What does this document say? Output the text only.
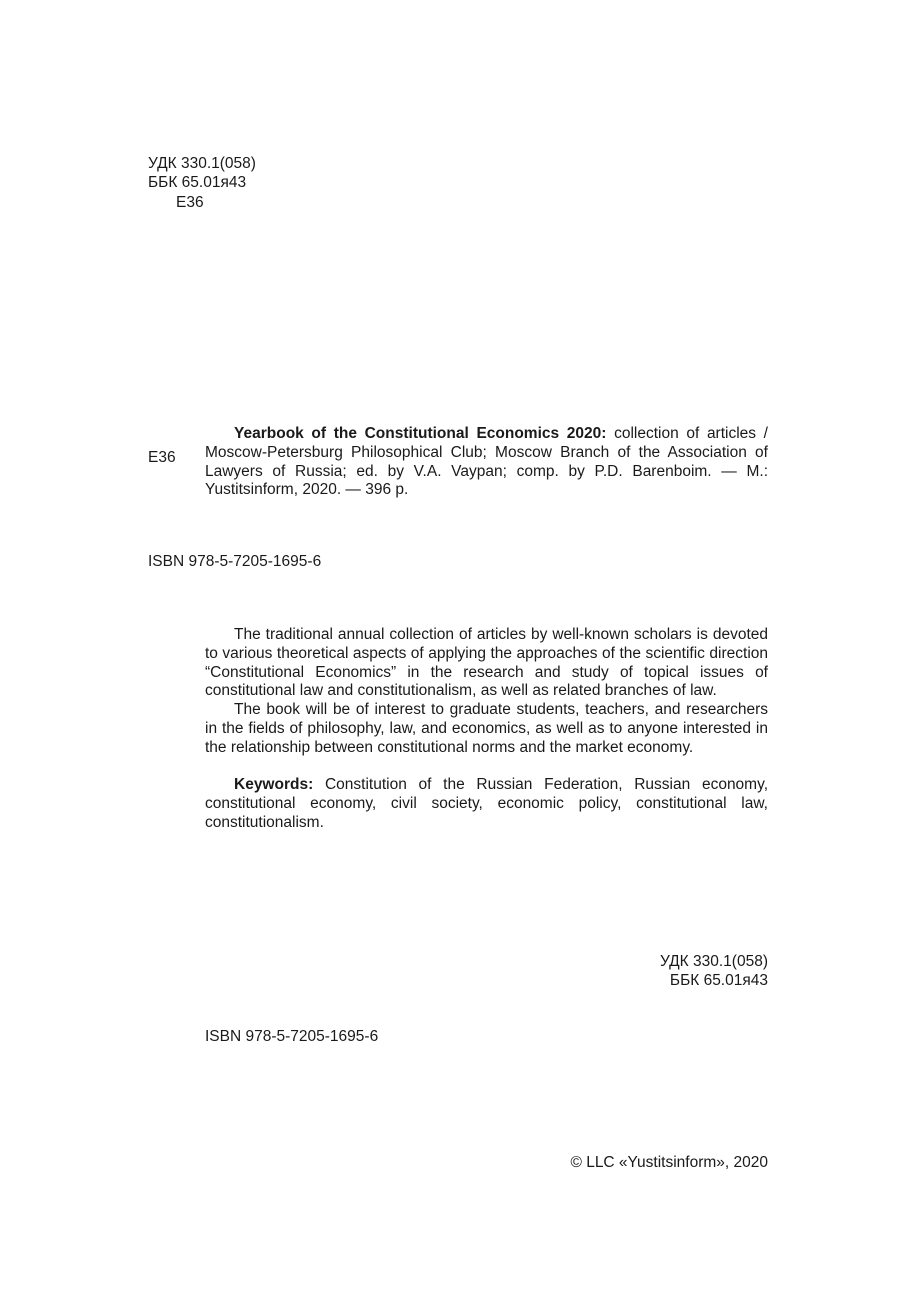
УДК 330.1(058)
ББК 65.01я43
Е36
Е36
Yearbook of the Constitutional Economics 2020: collection of articles / Moscow-Petersburg Philosophical Club; Moscow Branch of the Association of Lawyers of Russia; ed. by V.A. Vaypan; comp. by P.D. Barenboim. — M.: Yustitsinform, 2020. — 396 p.
ISBN 978-5-7205-1695-6

The traditional annual collection of articles by well-known scholars is devoted to various theoretical aspects of applying the approaches of the scientific direction “Constitutional Economics” in the research and study of topical issues of constitutional law and constitutionalism, as well as related branches of law.

The book will be of interest to graduate students, teachers, and researchers in the fields of philosophy, law, and economics, as well as to anyone interested in the relationship between constitutional norms and the market economy.

Keywords: Constitution of the Russian Federation, Russian economy, constitutional economy, civil society, economic policy, constitutional law, constitutionalism.

УДК 330.1(058)
ББК 65.01я43
ISBN 978-5-7205-1695-6
© LLC «Yustitsinform», 2020
